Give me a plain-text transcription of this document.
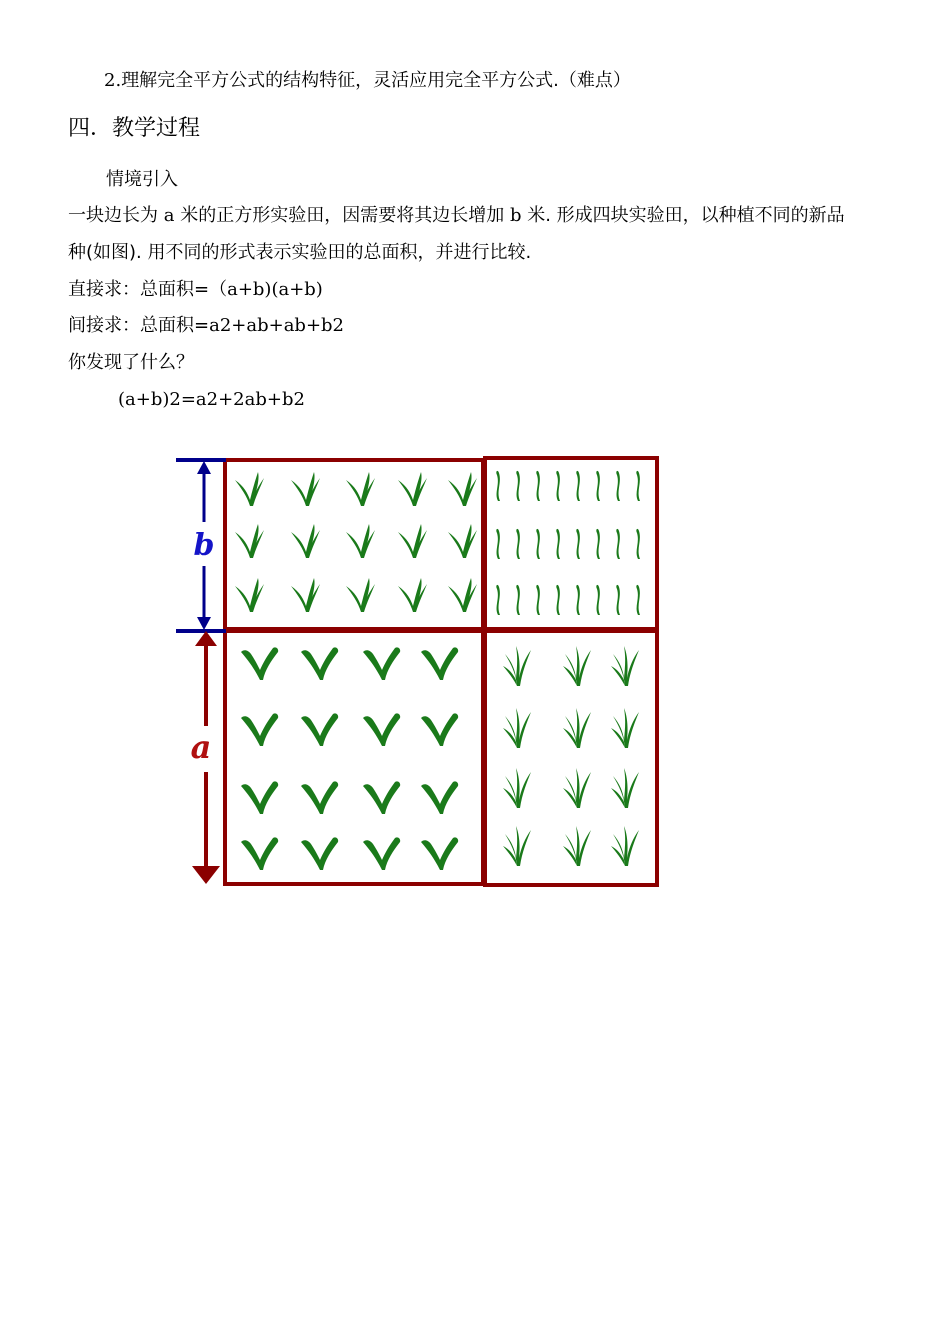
2.理解完全平方公式的结构特征，灵活应用完全平方公式.（难点）
四．教学过程
情境引入
一块边长为 a 米的正方形实验田，因需要将其边长增加 b 米. 形成四块实验田，以种植不同的新品
种(如图). 用不同的形式表示实验田的总面积，并进行比较.
直接求：总面积=（a+b)(a+b)
间接求：总面积=a2+ab+ab+b2
你发现了什么？
(a+b)2=a2+2ab+b2
b
a
